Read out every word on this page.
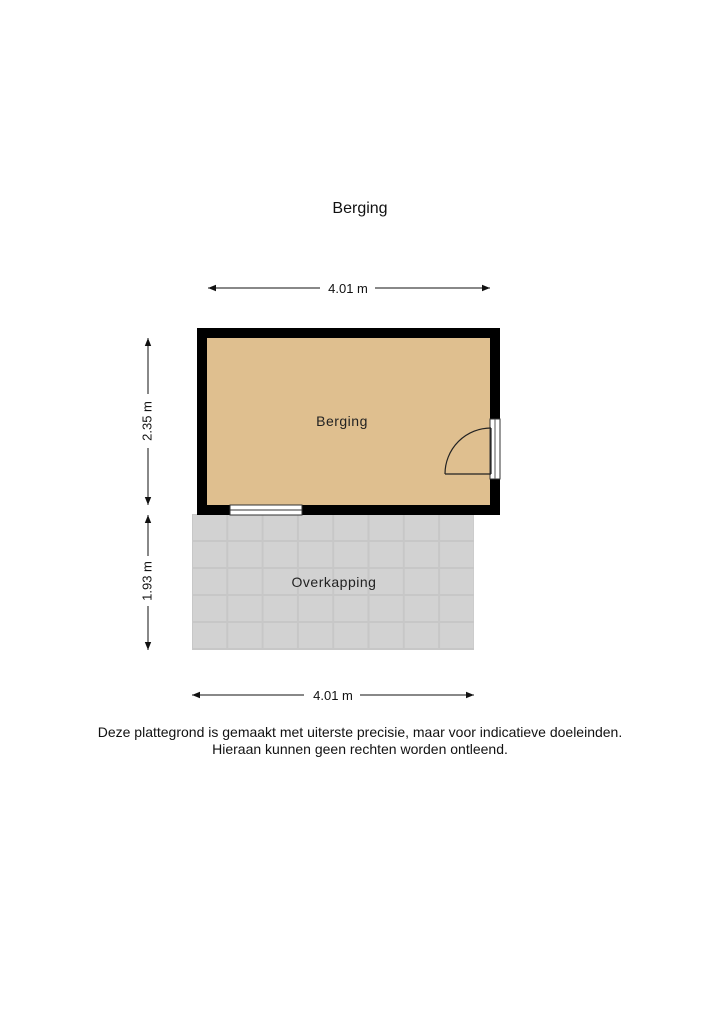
Berging
Berging
Overkapping
4.01 m
4.01 m
2.35 m
1.93 m
Deze plattegrond is gemaakt met uiterste precisie, maar voor indicatieve doeleinden.
Hieraan kunnen geen rechten worden ontleend.
